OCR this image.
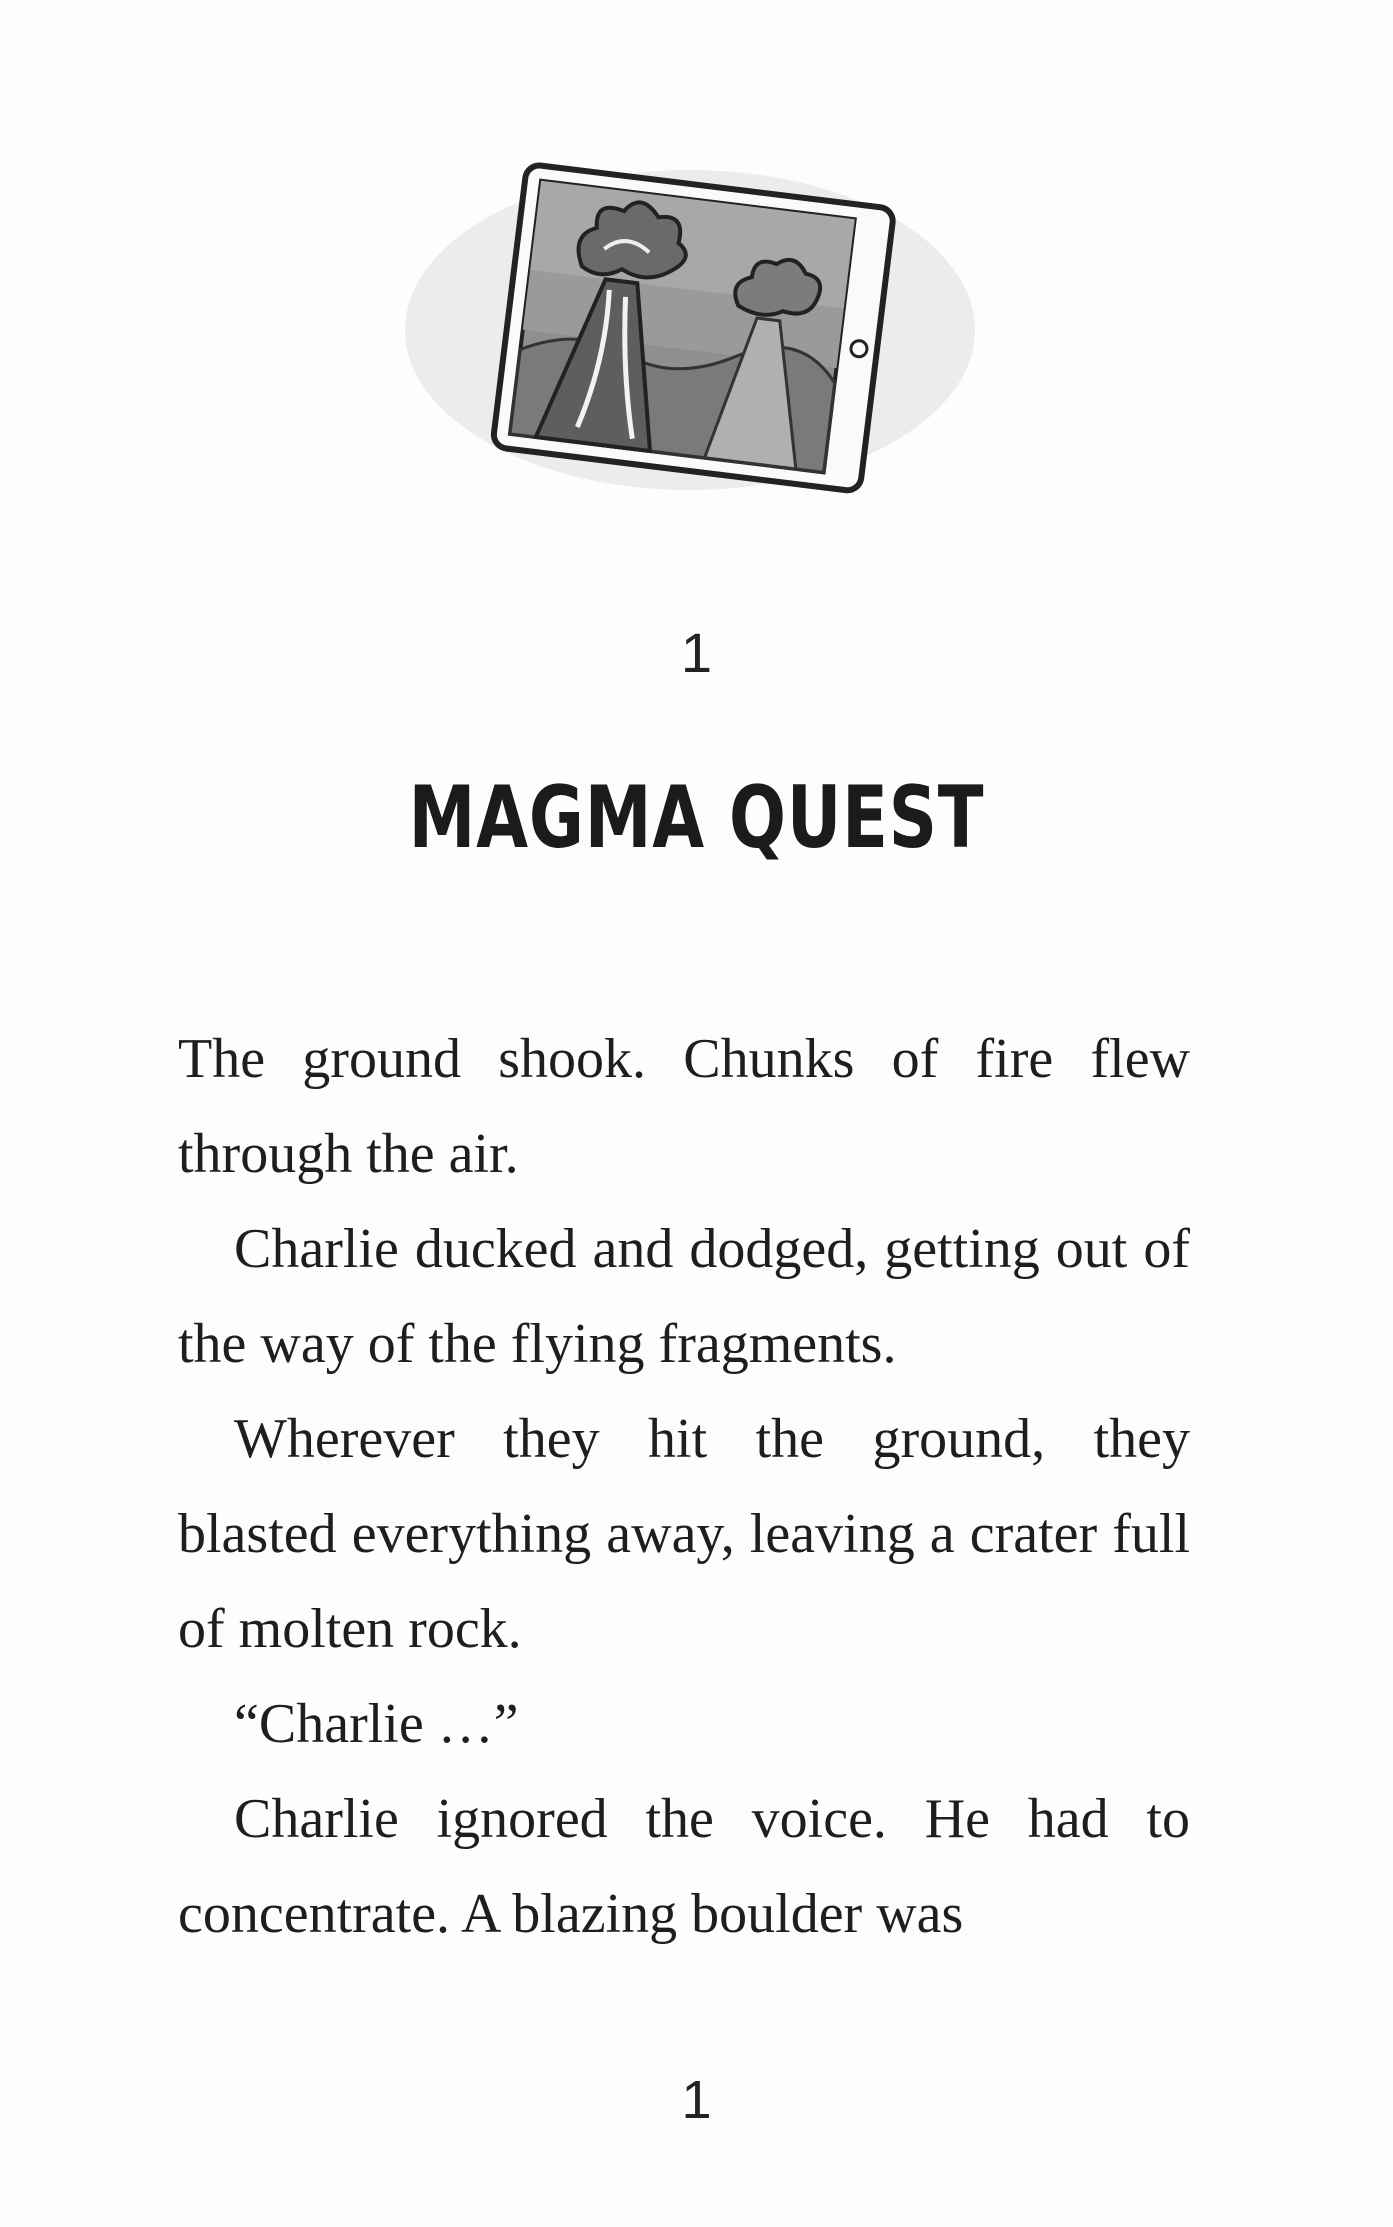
1
MAGMA QUEST

The ground shook. Chunks of fire flew through the air.

Charlie ducked and dodged, getting out of the way of the flying fragments.

Wherever they hit the ground, they blasted everything away, leaving a crater full of molten rock.

“Charlie …”

Charlie ignored the voice. He had to concentrate. A blazing boulder was

1
